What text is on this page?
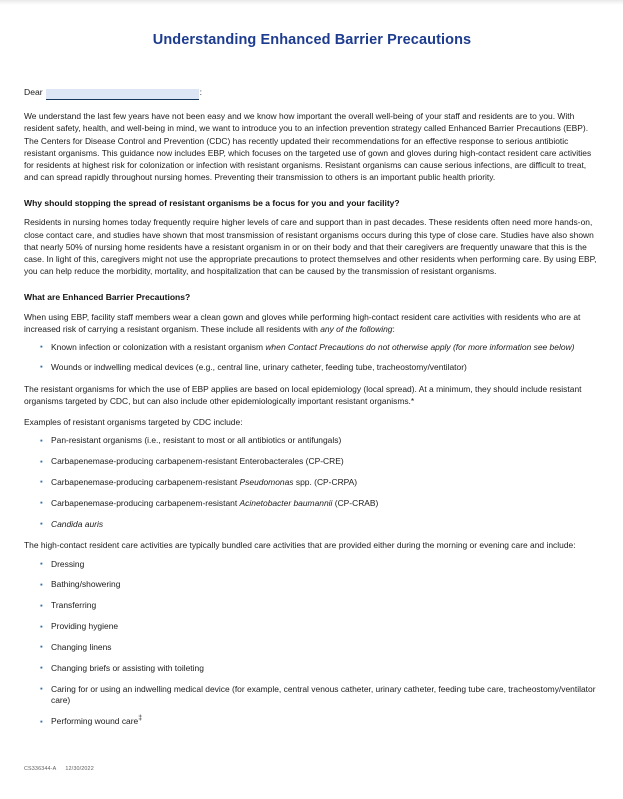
Understanding Enhanced Barrier Precautions
Dear	:

We understand the last few years have not been easy and we know how important the overall well-being of your staff and residents are to you. With resident safety, health, and well-being in mind, we want to introduce you to an infection prevention strategy called Enhanced Barrier Precautions (EBP). The Centers for Disease Control and Prevention (CDC) has recently updated their recommendations for an effective response to serious antibiotic resistant organisms. This guidance now includes EBP, which focuses on the targeted use of gown and gloves during high-contact resident care activities for residents at highest risk for colonization or infection with resistant organisms. Resistant organisms can cause serious infections, are difficult to treat, and can spread rapidly throughout nursing homes. Preventing their transmission to others is an important public health priority.

Why should stopping the spread of resistant organisms be a focus for you and your facility?

Residents in nursing homes today frequently require higher levels of care and support than in past decades. These residents often need more hands-on, close contact care, and studies have shown that most transmission of resistant organisms occurs during this type of close care. Studies have also shown that nearly 50% of nursing home residents have a resistant organism in or on their body and that their caregivers are frequently unaware that this is the case. In light of this, caregivers might not use the appropriate precautions to protect themselves and other residents when performing care. By using EBP, you can help reduce the morbidity, mortality, and hospitalization that can be caused by the transmission of resistant organisms.

What are Enhanced Barrier Precautions?

When using EBP, facility staff members wear a clean gown and gloves while performing high-contact resident care activities with residents who are at increased risk of carrying a resistant organism. These include all residents with any of the following:

▪ Known infection or colonization with a resistant organism when Contact Precautions do not otherwise apply (for more information see below)
▪ Wounds or indwelling medical devices (e.g., central line, urinary catheter, feeding tube, tracheostomy/ventilator)

The resistant organisms for which the use of EBP applies are based on local epidemiology (local spread). At a minimum, they should include resistant organisms targeted by CDC, but can also include other epidemiologically important resistant organisms.*

Examples of resistant organisms targeted by CDC include:

▪ Pan-resistant organisms (i.e., resistant to most or all antibiotics or antifungals)
▪ Carbapenemase-producing carbapenem-resistant Enterobacterales (CP-CRE)
▪ Carbapenemase-producing carbapenem-resistant Pseudomonas spp. (CP-CRPA)
▪ Carbapenemase-producing carbapenem-resistant Acinetobacter baumannii (CP-CRAB)
▪ Candida auris

The high-contact resident care activities are typically bundled care activities that are provided either during the morning or evening care and include:

▪ Dressing
▪ Bathing/showering
▪ Transferring
▪ Providing hygiene
▪ Changing linens
▪ Changing briefs or assisting with toileting
▪ Caring for or using an indwelling medical device (for example, central venous catheter, urinary catheter, feeding tube care, tracheostomy/ventilator care)
▪ Performing wound care‡
CS336344-A 12/30/2022
